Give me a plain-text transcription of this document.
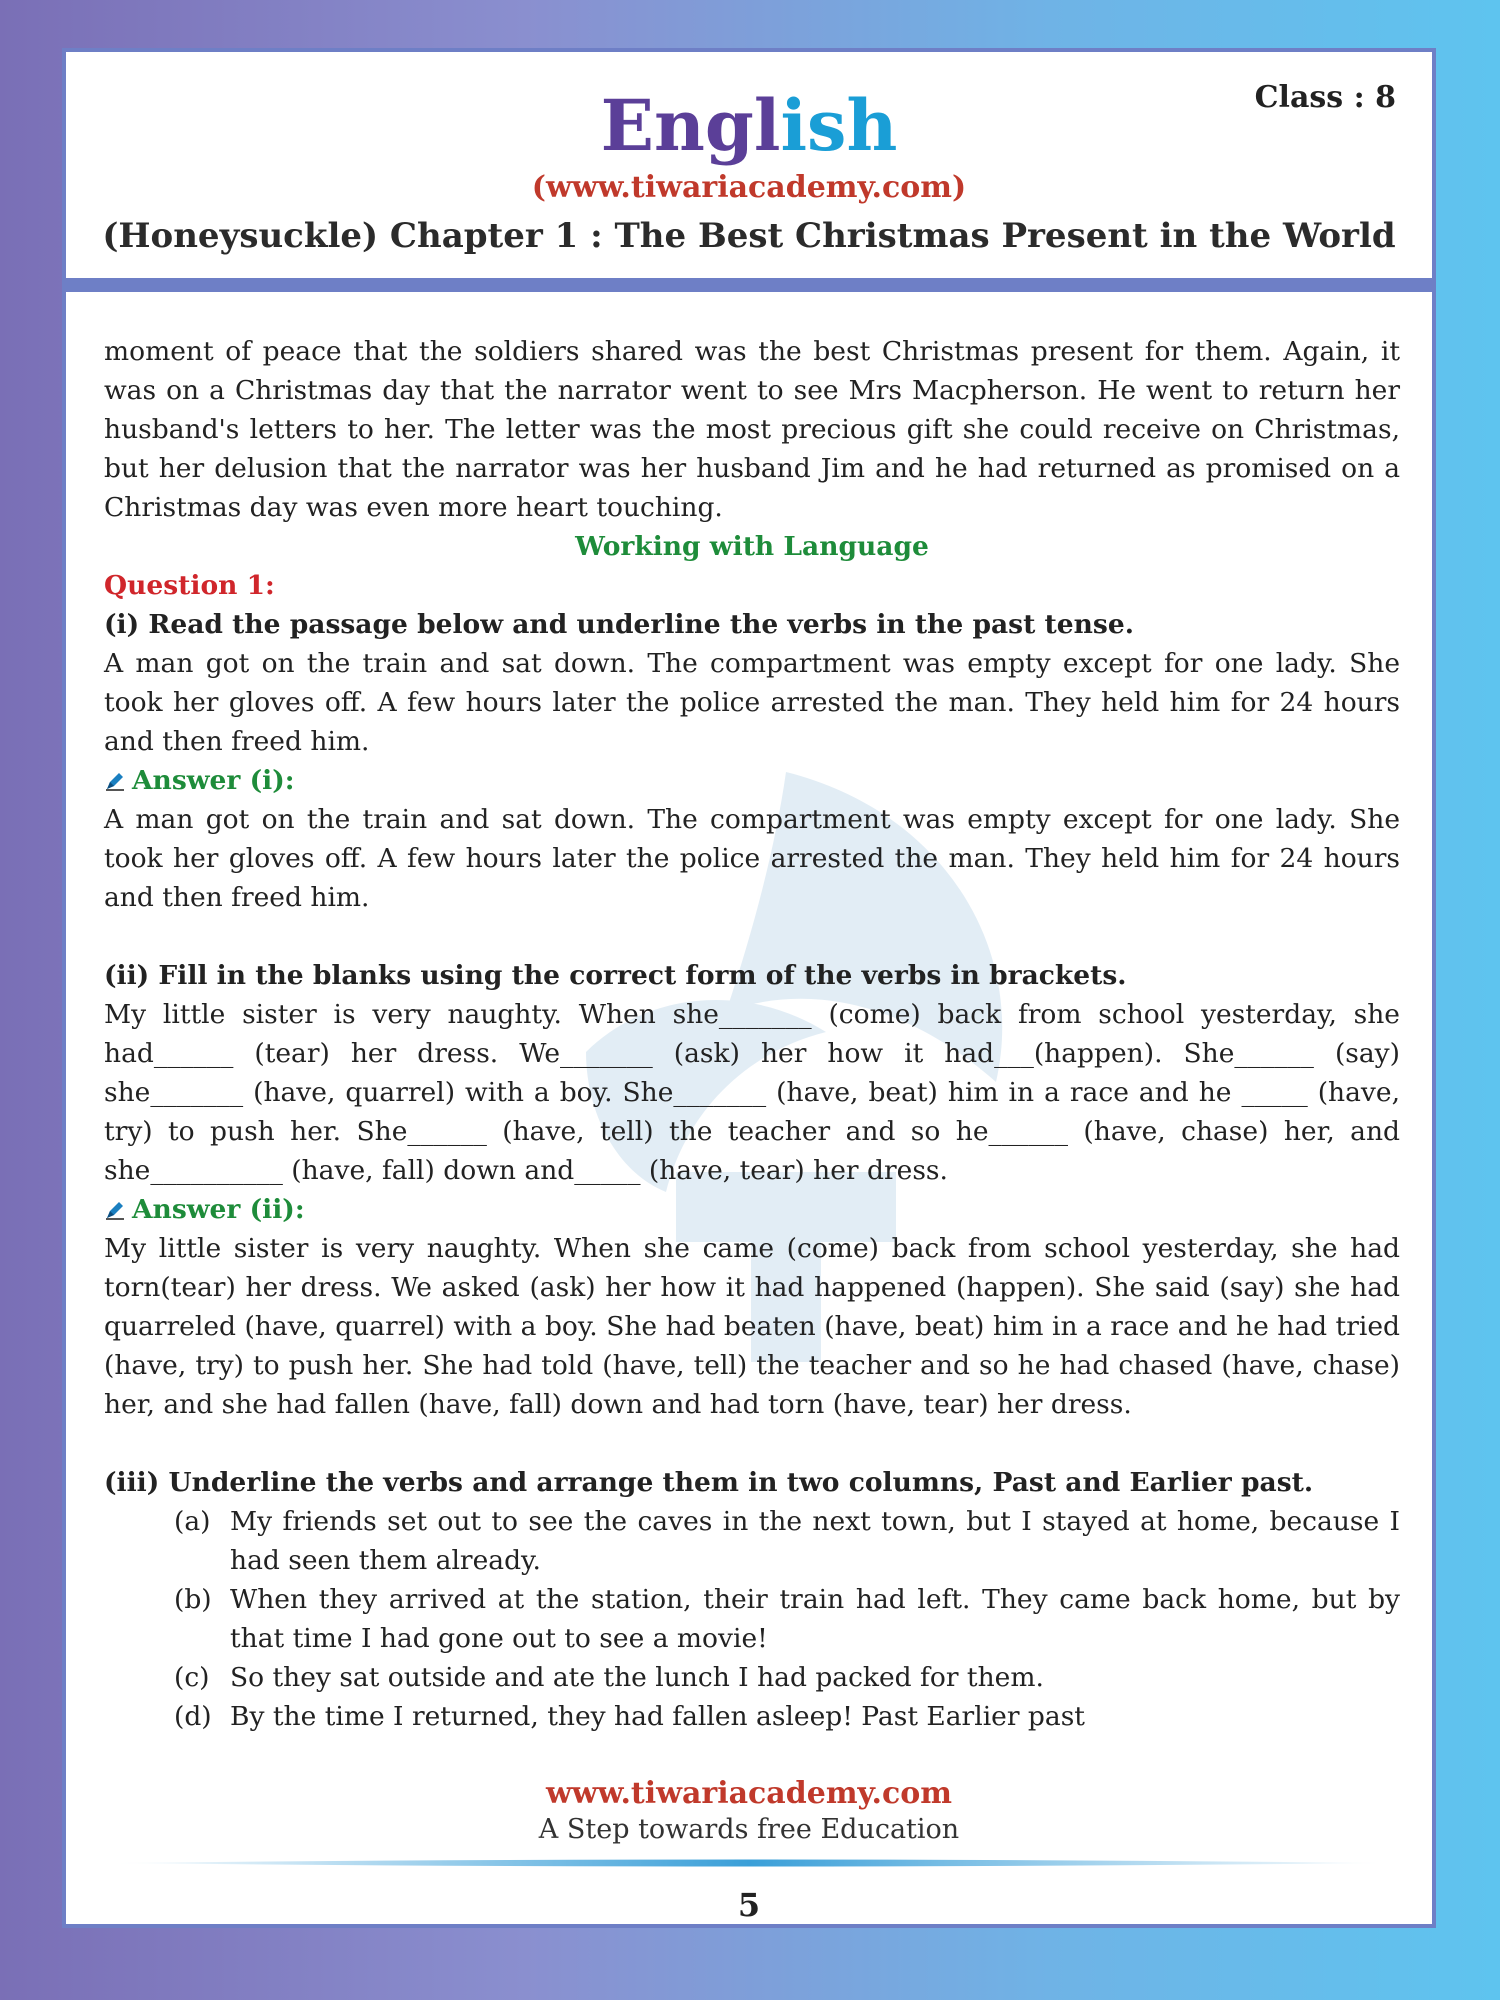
Class : 8
English
(www.tiwariacademy.com)
(Honeysuckle) Chapter 1 : The Best Christmas Present in the World

moment of peace that the soldiers shared was the best Christmas present for them. Again, it was on a Christmas day that the narrator went to see Mrs Macpherson. He went to return her husband's letters to her. The letter was the most precious gift she could receive on Christmas, but her delusion that the narrator was her husband Jim and he had returned as promised on a Christmas day was even more heart touching.

Working with Language

Question 1:

(i) Read the passage below and underline the verbs in the past tense.

A man got on the train and sat down. The compartment was empty except for one lady. She took her gloves off. A few hours later the police arrested the man. They held him for 24 hours and then freed him.

Answer (i):

A man got on the train and sat down. The compartment was empty except for one lady. She took her gloves off. A few hours later the police arrested the man. They held him for 24 hours and then freed him.

(ii) Fill in the blanks using the correct form of the verbs in brackets.

My little sister is very naughty. When she_______ (come) back from school yesterday, she had______ (tear) her dress. We_______ (ask) her how it had___(happen). She______ (say) she_______ (have, quarrel) with a boy. She_______ (have, beat) him in a race and he _____ (have, try) to push her. She______ (have, tell) the teacher and so he______ (have, chase) her, and she__________ (have, fall) down and_____ (have, tear) her dress.

Answer (ii):

My little sister is very naughty. When she came (come) back from school yesterday, she had torn(tear) her dress. We asked (ask) her how it had happened (happen). She said (say) she had quarreled (have, quarrel) with a boy. She had beaten (have, beat) him in a race and he had tried (have, try) to push her. She had told (have, tell) the teacher and so he had chased (have, chase) her, and she had fallen (have, fall) down and had torn (have, tear) her dress.

(iii) Underline the verbs and arrange them in two columns, Past and Earlier past.

(a) My friends set out to see the caves in the next town, but I stayed at home, because I had seen them already.
(b) When they arrived at the station, their train had left. They came back home, but by that time I had gone out to see a movie!
(c) So they sat outside and ate the lunch I had packed for them.
(d) By the time I returned, they had fallen asleep! Past Earlier past
www.tiwariacademy.com
A Step towards free Education
5
